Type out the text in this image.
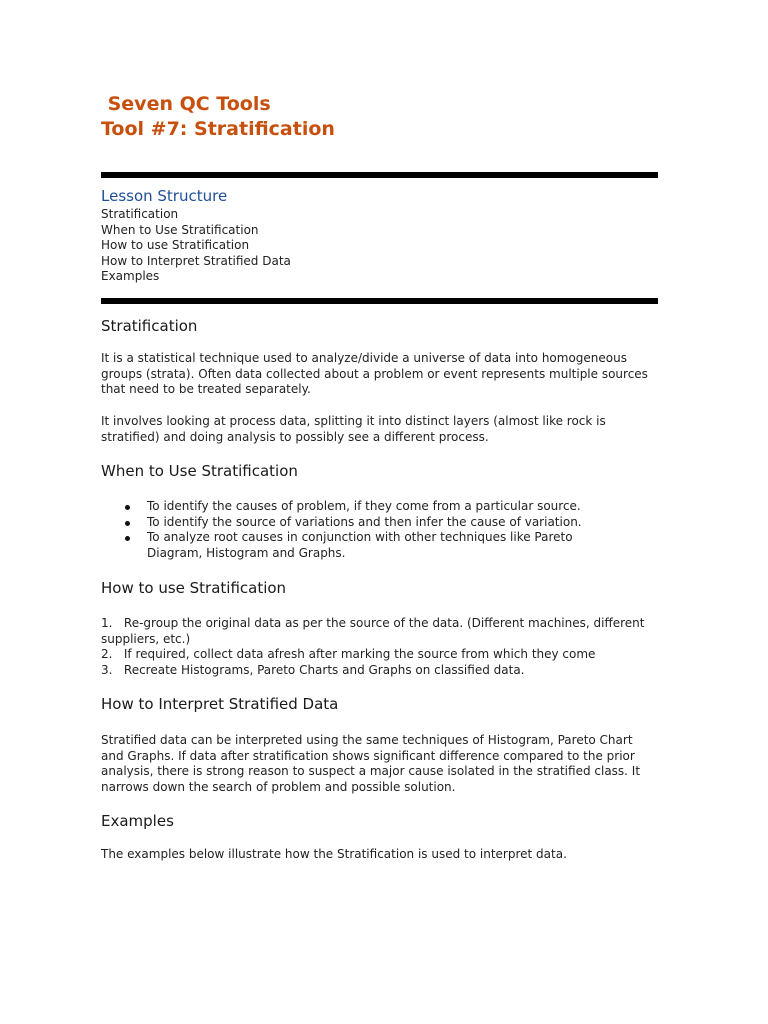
Seven QC Tools
Tool #7: Stratification
Lesson Structure
Stratification
When to Use Stratification
How to use Stratification
How to Interpret Stratified Data
Examples
Stratification
It is a statistical technique used to analyze/divide a universe of data into homogeneous groups (strata). Often data collected about a problem or event represents multiple sources that need to be treated separately.
It involves looking at process data, splitting it into distinct layers (almost like rock is stratified) and doing analysis to possibly see a different process.
When to Use Stratification
To identify the causes of problem, if they come from a particular source.
To identify the source of variations and then infer the cause of variation.
To analyze root causes in conjunction with other techniques like Pareto Diagram, Histogram and Graphs.
How to use Stratification
1.   Re-group the original data as per the source of the data. (Different machines, different suppliers, etc.)
2.   If required, collect data afresh after marking the source from which they come
3.   Recreate Histograms, Pareto Charts and Graphs on classified data.
How to Interpret Stratified Data
Stratified data can be interpreted using the same techniques of Histogram, Pareto Chart and Graphs. If data after stratification shows significant difference compared to the prior analysis, there is strong reason to suspect a major cause isolated in the stratified class. It narrows down the search of problem and possible solution.
Examples
The examples below illustrate how the Stratification is used to interpret data.
